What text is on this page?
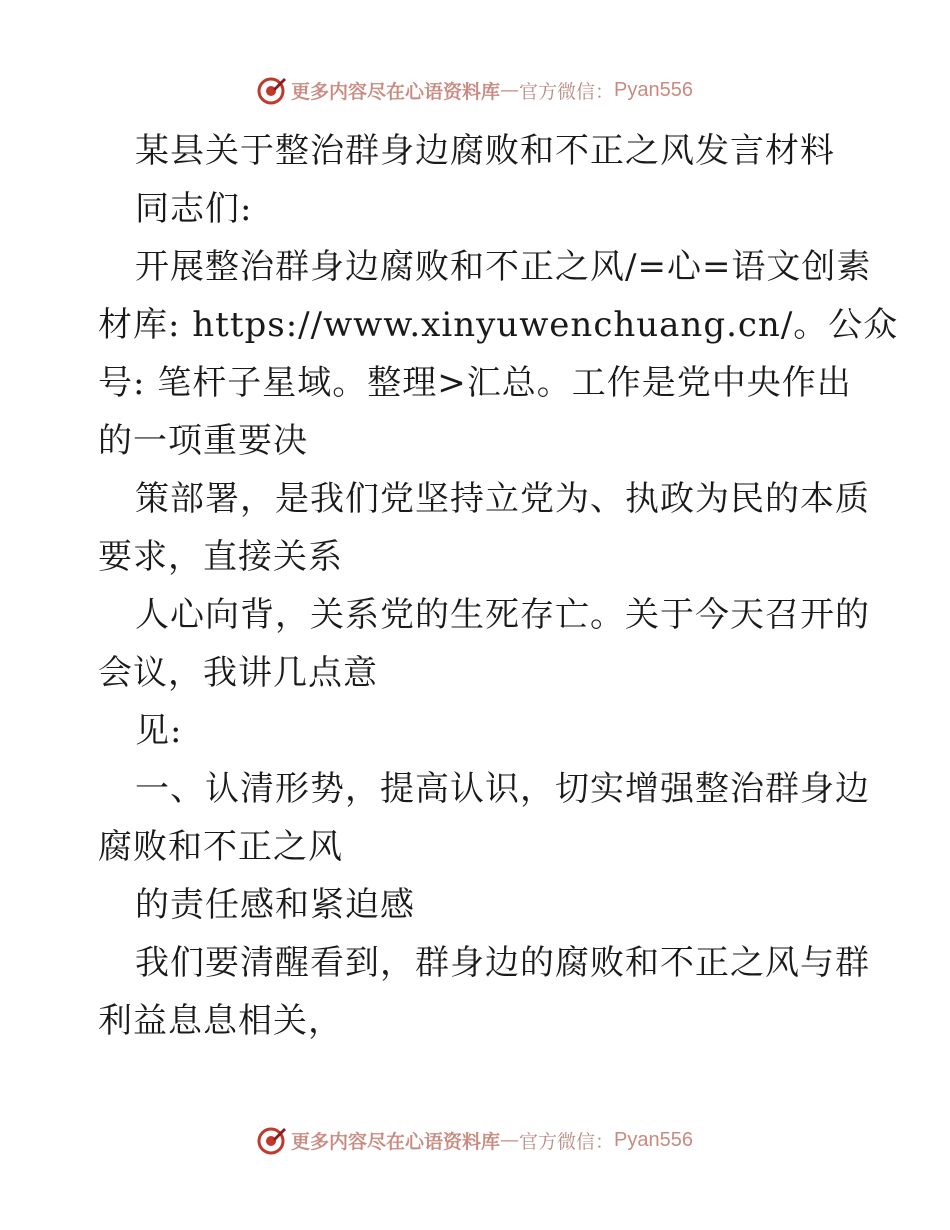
更多内容尽在心语资料库 — 官方微信： Pyan556
某县关于整治群身边腐败和不正之风发言材料
同志们:
开展整治群身边腐败和不正之风/=心=语文创素
材库: https://www.xinyuwenchuang.cn/。公众
号: 笔杆子星域。整理>汇总。工作是党中央作出
的一项重要决
策部署，是我们党坚持立党为、执政为民的本质
要求，直接关系
人心向背，关系党的生死存亡。关于今天召开的
会议，我讲几点意
见:
一、认清形势，提高认识，切实增强整治群身边
腐败和不正之风
的责任感和紧迫感
我们要清醒看到，群身边的腐败和不正之风与群
利益息息相关，
更多内容尽在心语资料库 — 官方微信： Pyan556
